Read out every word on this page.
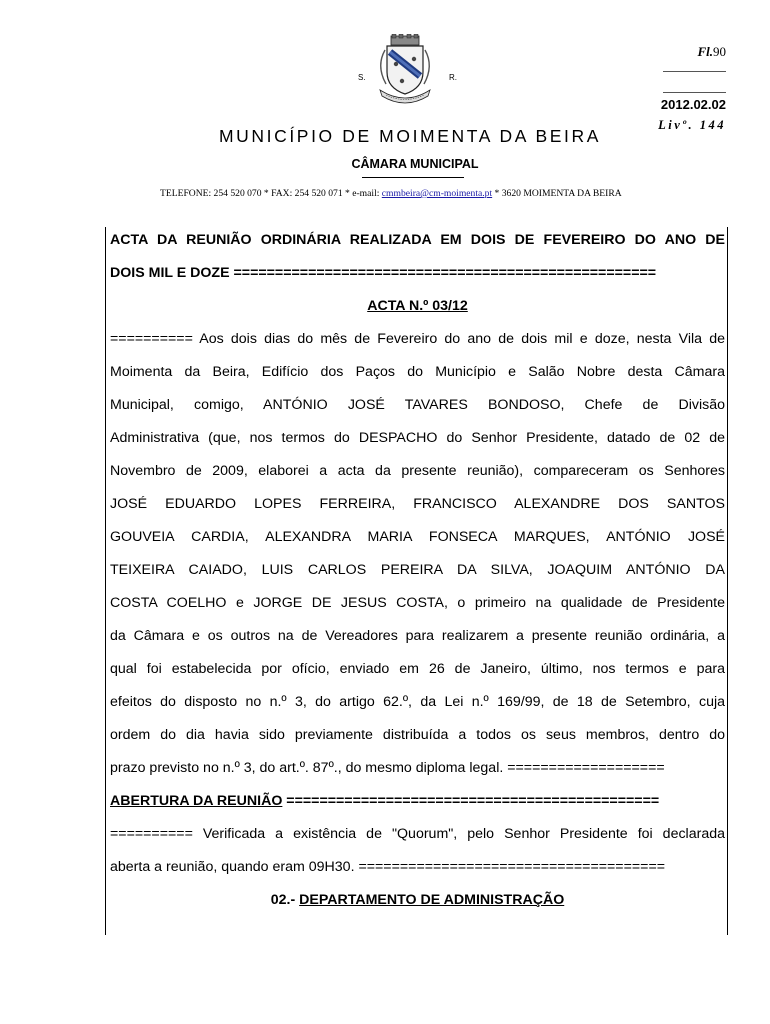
S.	R.
Fl.90
2012.02.02
Livº. 144
MUNICÍPIO DE MOIMENTA DA BEIRA
CÂMARA MUNICIPAL
TELEFONE: 254 520 070 * FAX: 254 520 071 * e-mail: cmmbeira@cm-moimenta.pt * 3620 MOIMENTA DA BEIRA
ACTA DA REUNIÃO ORDINÁRIA REALIZADA EM DOIS DE FEVEREIRO DO ANO DE
DOIS MIL E DOZE ===================================================
ACTA N.º 03/12
========== Aos dois dias do mês de Fevereiro do ano de dois mil e doze, nesta Vila de
Moimenta da Beira, Edifício dos Paços do Município e Salão Nobre desta Câmara
Municipal, comigo, ANTÓNIO JOSÉ TAVARES BONDOSO, Chefe de Divisão
Administrativa (que, nos termos do DESPACHO do Senhor Presidente, datado de 02 de
Novembro de 2009, elaborei a acta da presente reunião), compareceram os Senhores
JOSÉ EDUARDO LOPES FERREIRA, FRANCISCO ALEXANDRE DOS SANTOS
GOUVEIA CARDIA, ALEXANDRA MARIA FONSECA MARQUES, ANTÓNIO JOSÉ
TEIXEIRA CAIADO, LUIS CARLOS PEREIRA DA SILVA, JOAQUIM ANTÓNIO DA
COSTA COELHO e JORGE DE JESUS COSTA, o primeiro na qualidade de Presidente
da Câmara e os outros na de Vereadores para realizarem a presente reunião ordinária, a
qual foi estabelecida por ofício, enviado em 26 de Janeiro, último, nos termos e para
efeitos do disposto no n.º 3, do artigo 62.º, da Lei n.º 169/99, de 18 de Setembro, cuja
ordem do dia havia sido previamente distribuída a todos os seus membros, dentro do
prazo previsto no n.º 3, do art.º. 87º., do mesmo diploma legal. ===================
ABERTURA DA REUNIÃO =============================================
========== Verificada a existência de "Quorum", pelo Senhor Presidente foi declarada
aberta a reunião, quando eram 09H30. =====================================
02.- DEPARTAMENTO DE ADMINISTRAÇÃO
